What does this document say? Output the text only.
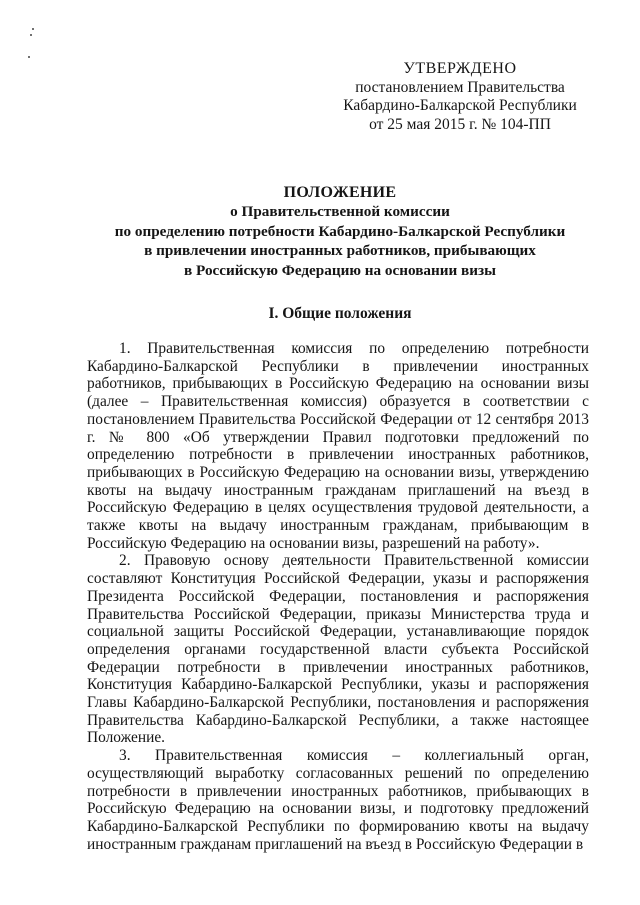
УТВЕРЖДЕНО
постановлением Правительства
Кабардино-Балкарской Республики
от 25 мая 2015 г. № 104-ПП
ПОЛОЖЕНИЕ
о Правительственной комиссии
по определению потребности Кабардино-Балкарской Республики
в привлечении иностранных работников, прибывающих
в Российскую Федерацию на основании визы
I. Общие положения

1. Правительственная комиссия по определению потребности Кабардино-Балкарской Республики в привлечении иностранных работников, прибывающих в Российскую Федерацию на основании визы (далее – Правительственная комиссия) образуется в соответствии с постановлением Правительства Российской Федерации от 12 сентября 2013 г. № 800 «Об утверждении Правил подготовки предложений по определению потребности в привлечении иностранных работников, прибывающих в Российскую Федерацию на основании визы, утверждению квоты на выдачу иностранным гражданам приглашений на въезд в Российскую Федерацию в целях осуществления трудовой деятельности, а также квоты на выдачу иностранным гражданам, прибывающим в Российскую Федерацию на основании визы, разрешений на работу».

2. Правовую основу деятельности Правительственной комиссии составляют Конституция Российской Федерации, указы и распоряжения Президента Российской Федерации, постановления и распоряжения Правительства Российской Федерации, приказы Министерства труда и социальной защиты Российской Федерации, устанавливающие порядок определения органами государственной власти субъекта Российской Федерации потребности в привлечении иностранных работников, Конституция Кабардино-Балкарской Республики, указы и распоряжения Главы Кабардино-Балкарской Республики, постановления и распоряжения Правительства Кабардино-Балкарской Республики, а также настоящее Положение.

3. Правительственная комиссия – коллегиальный орган, осуществляющий выработку согласованных решений по определению потребности в привлечении иностранных работников, прибывающих в Российскую Федерацию на основании визы, и подготовку предложений Кабардино-Балкарской Республики по формированию квоты на выдачу иностранным гражданам приглашений на въезд в Российскую Федерации в
